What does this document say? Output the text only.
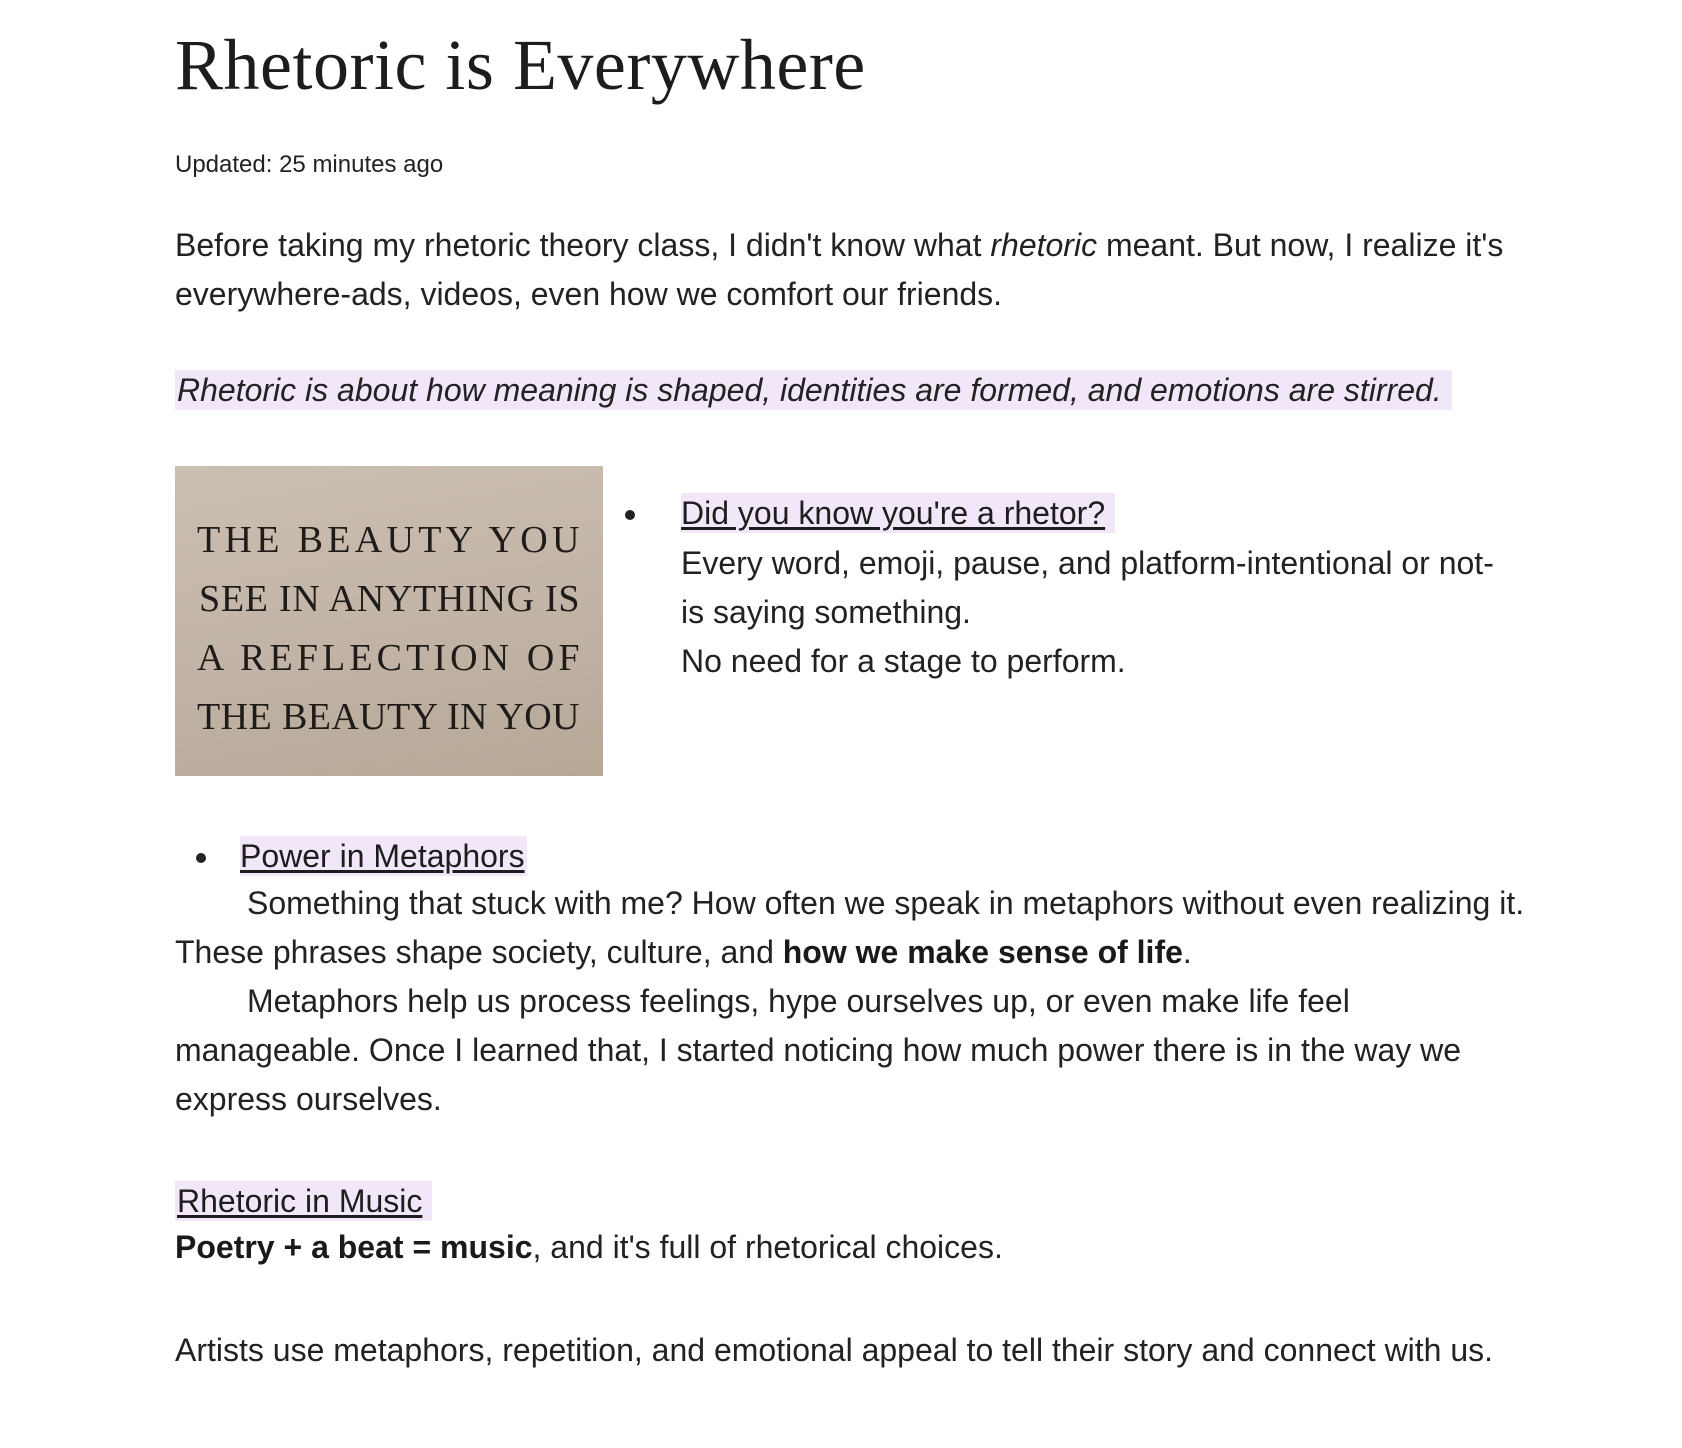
Rhetoric is Everywhere
Updated: 25 minutes ago

Before taking my rhetoric theory class, I didn't know what rhetoric meant. But now, I realize it's everywhere-ads, videos, even how we comfort our friends.

Rhetoric is about how meaning is shaped, identities are formed, and emotions are stirred.

THE BEAUTY YOU
SEE IN ANYTHING IS
A REFLECTION OF
THE BEAUTY IN YOU
Did you know you're a rhetor?

Every word, emoji, pause, and platform-intentional or not- is saying something.

No need for a stage to perform.

Power in Metaphors

Something that stuck with me? How often we speak in metaphors without even realizing it. These phrases shape society, culture, and how we make sense of life.

Metaphors help us process feelings, hype ourselves up, or even make life feel manageable. Once I learned that, I started noticing how much power there is in the way we express ourselves.

Rhetoric in Music

Poetry + a beat = music, and it's full of rhetorical choices.

Artists use metaphors, repetition, and emotional appeal to tell their story and connect with us.
